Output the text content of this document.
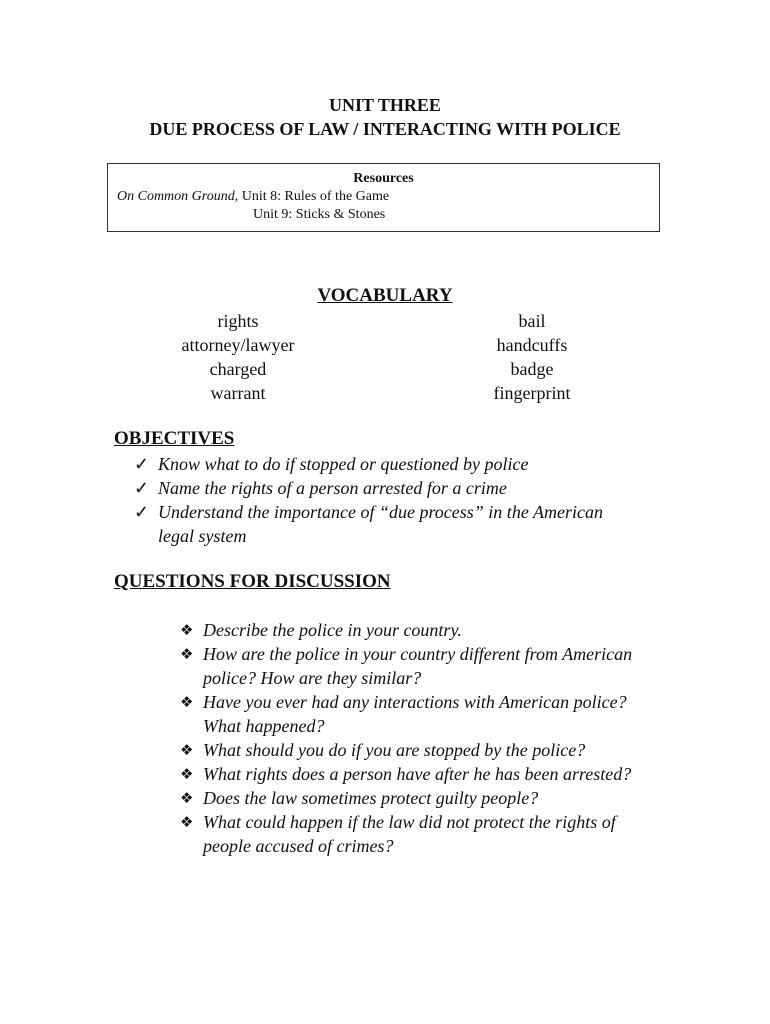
UNIT THREE
DUE PROCESS OF LAW / INTERACTING WITH POLICE
Resources
On Common Ground, Unit 8: Rules of the Game
Unit 9: Sticks & Stones
VOCABULARY
rights
attorney/lawyer
charged
warrant
bail
handcuffs
badge
fingerprint
OBJECTIVES
✓ Know what to do if stopped or questioned by police
✓ Name the rights of a person arrested for a crime
✓ Understand the importance of “due process” in the American legal system
QUESTIONS FOR DISCUSSION
❖ Describe the police in your country.
❖ How are the police in your country different from American police? How are they similar?
❖ Have you ever had any interactions with American police? What happened?
❖ What should you do if you are stopped by the police?
❖ What rights does a person have after he has been arrested?
❖ Does the law sometimes protect guilty people?
❖ What could happen if the law did not protect the rights of people accused of crimes?
